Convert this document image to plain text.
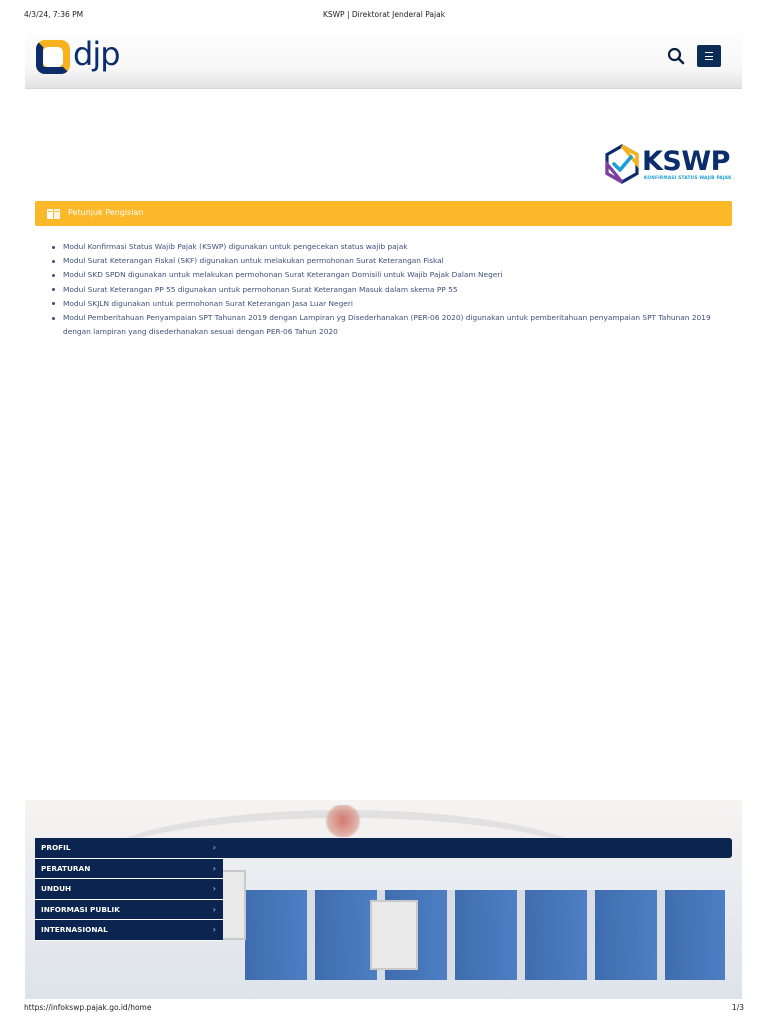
4/3/24, 7:36 PM	KSWP | Direktorat Jenderal Pajak
djp
KSWP
KONFIRMASI STATUS WAJIB PAJAK
Petunjuk Pengisian
Modul Konfirmasi Status Wajib Pajak (KSWP) digunakan untuk pengecekan status wajib pajak
Modul Surat Keterangan Fiskal (SKF) digunakan untuk melakukan permohonan Surat Keterangan Fiskal
Modul SKD SPDN digunakan untuk melakukan permohonan Surat Keterangan Domisili untuk Wajib Pajak Dalam Negeri
Modul Surat Keterangan PP 55 digunakan untuk permohonan Surat Keterangan Masuk dalam skema PP 55
Modul SKJLN digunakan untuk permohonan Surat Keterangan Jasa Luar Negeri
Modul Pemberitahuan Penyampaian SPT Tahunan 2019 dengan Lampiran yg Disederhanakan (PER-06 2020) digunakan untuk pemberitahuan penyampaian SPT Tahunan 2019 dengan lampiran yang disederhanakan sesuai dengan PER-06 Tahun 2020
PROFIL	›
PERATURAN	›
UNDUH	›
INFORMASI PUBLIK	›
INTERNASIONAL	›
https://infokswp.pajak.go.id/home	1/3
